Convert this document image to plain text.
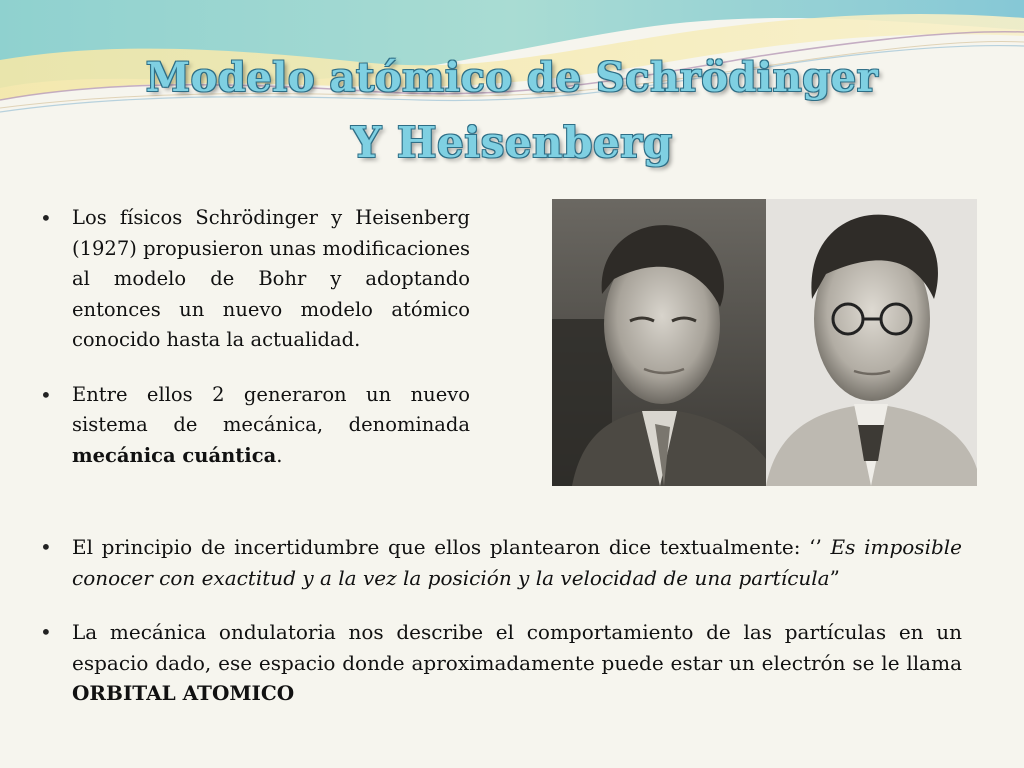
Modelo atómico de Schrödinger
Y Heisenberg
• Los físicos Schrödinger y Heisenberg (1927) propusieron unas modificaciones al modelo de Bohr y adoptando entonces un nuevo modelo atómico conocido hasta la actualidad.
• Entre ellos 2 generaron un nuevo sistema de mecánica, denominada mecánica cuántica.
• El principio de incertidumbre que ellos plantearon dice textualmente: ‘’ Es imposible conocer con exactitud y a la vez la posición y la velocidad de una partícula”
• La mecánica ondulatoria nos describe el comportamiento de las partículas en un espacio dado, ese espacio donde aproximadamente puede estar un electrón se le llama ORBITAL ATOMICO
